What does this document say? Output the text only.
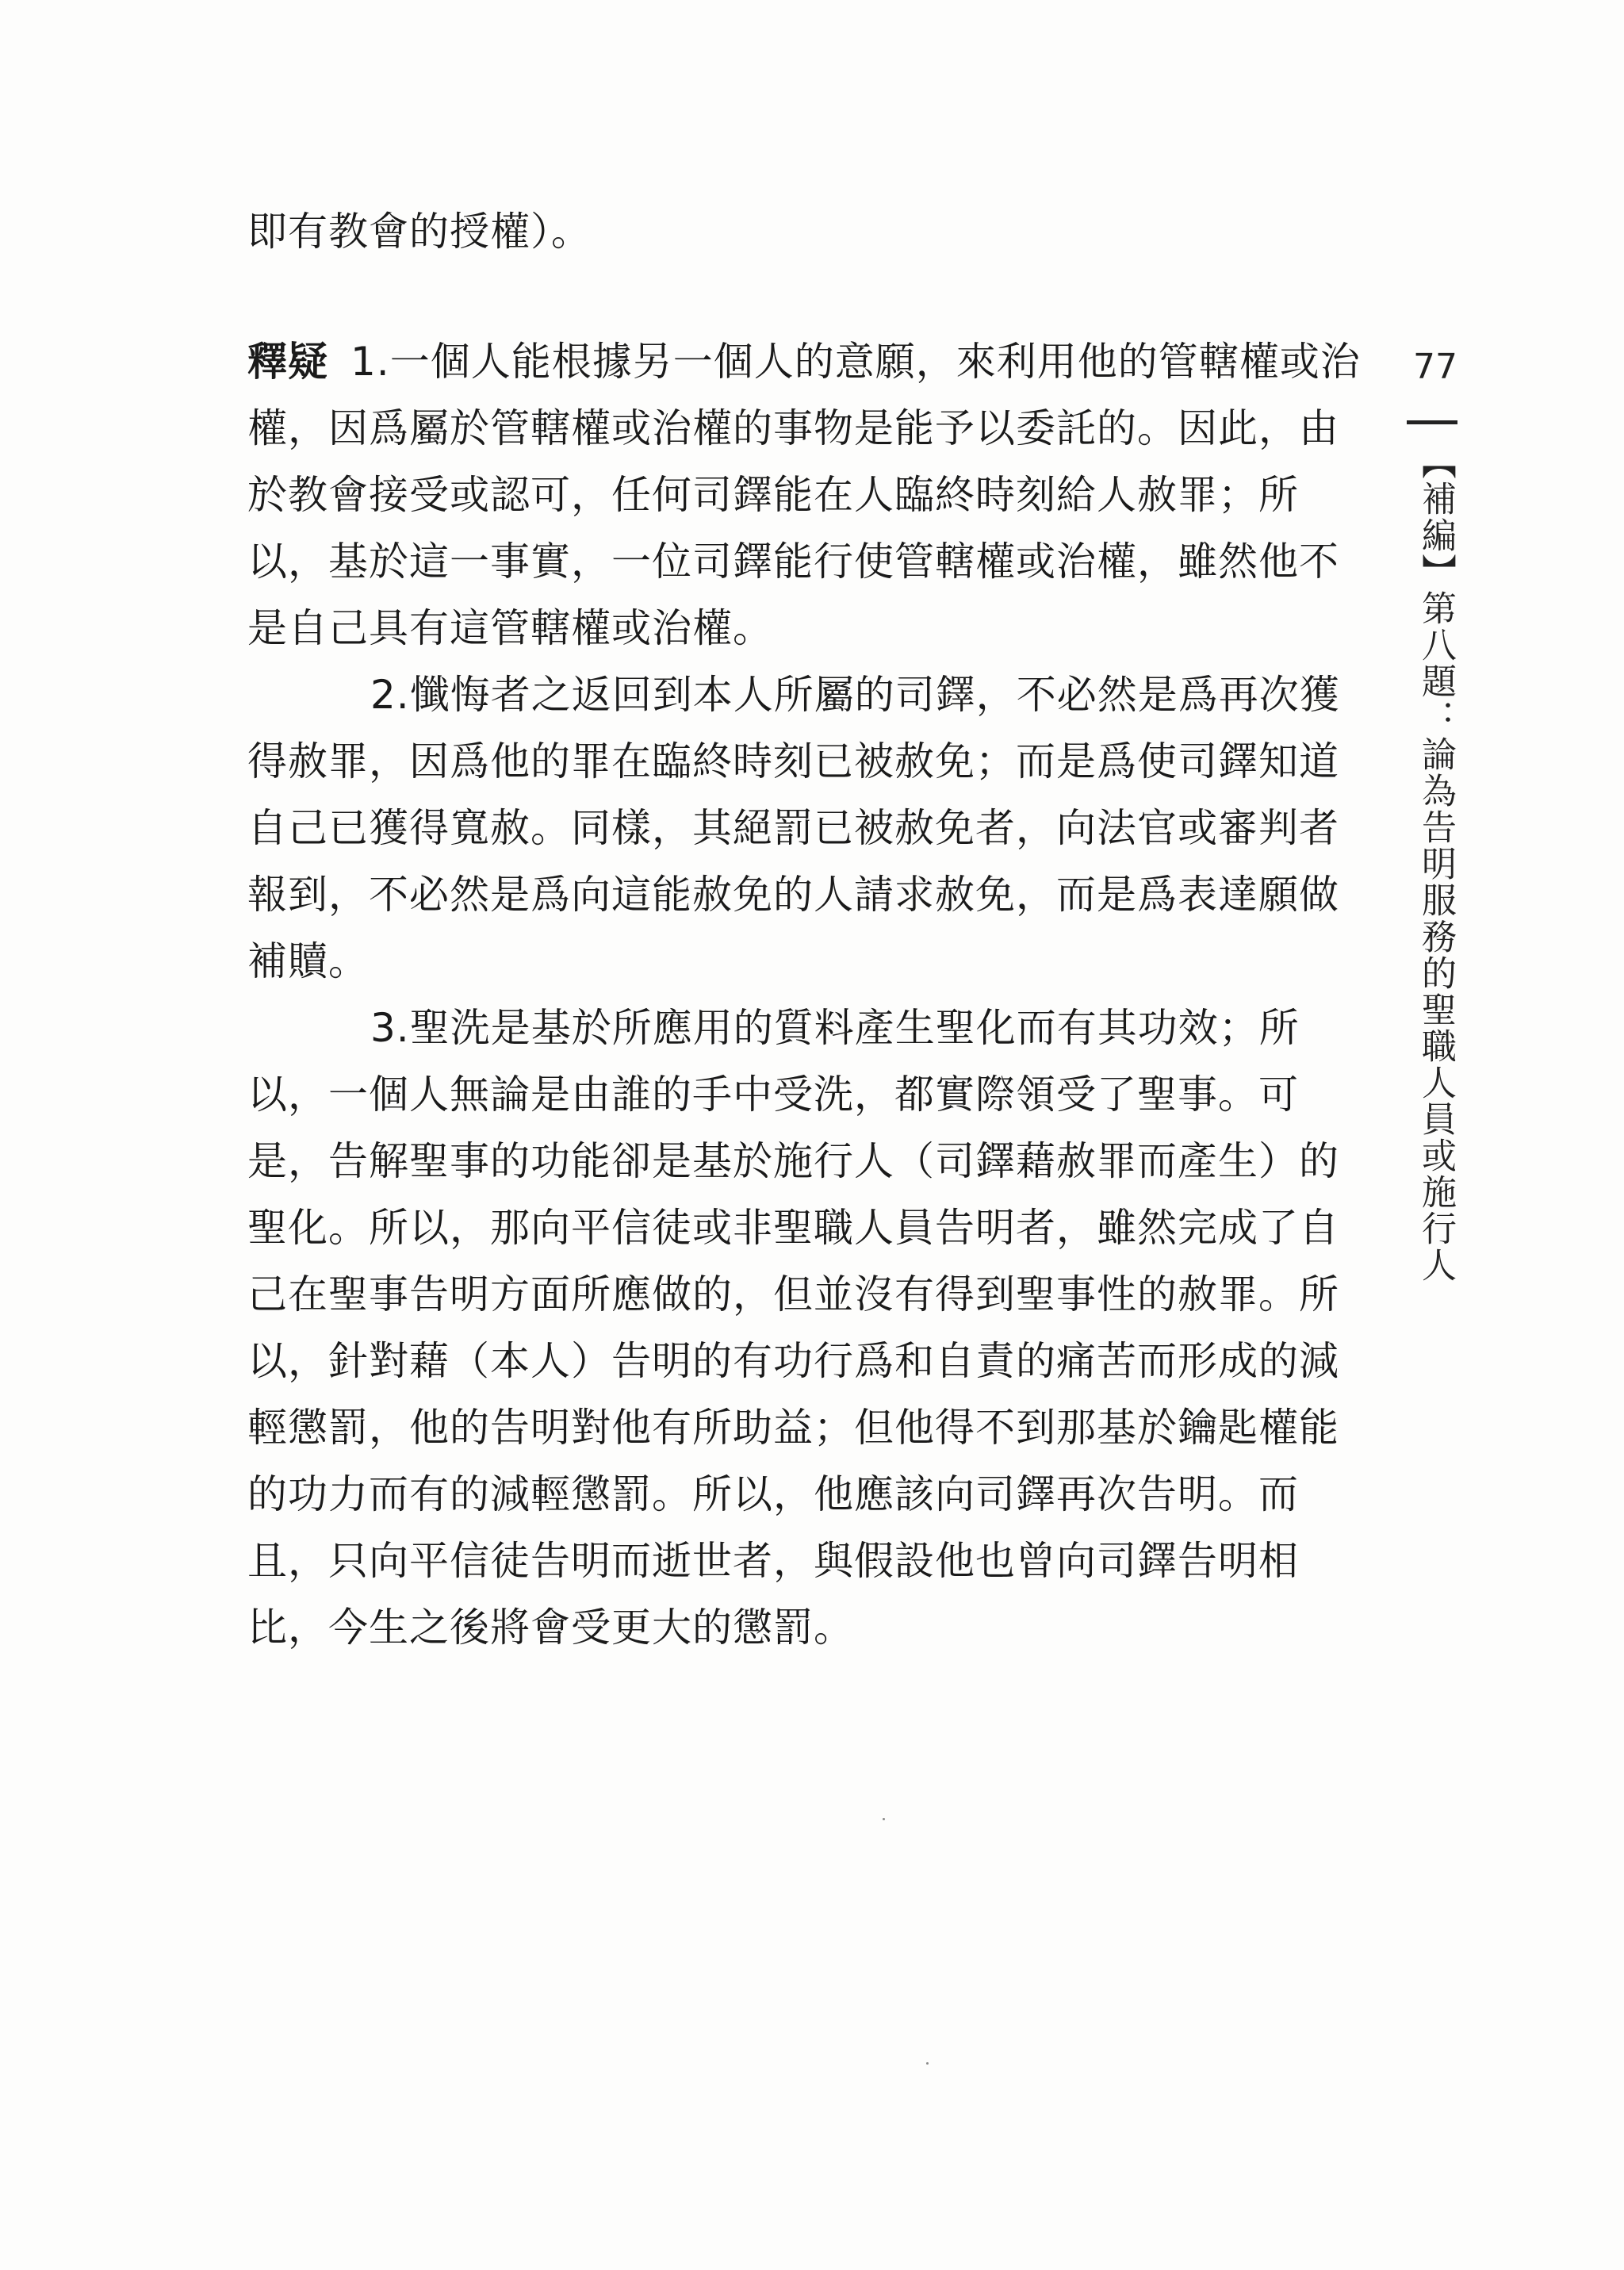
即有教會的授權）。

釋疑 1.一個人能根據另一個人的意願，來利用他的管轄權或治權，因爲屬於管轄權或治權的事物是能予以委託的。因此，由於教會接受或認可，任何司鐸能在人臨終時刻給人赦罪；所以，基於這一事實，一位司鐸能行使管轄權或治權，雖然他不是自己具有這管轄權或治權。

2.懺悔者之返回到本人所屬的司鐸，不必然是爲再次獲得赦罪，因爲他的罪在臨終時刻已被赦免；而是爲使司鐸知道自己已獲得寬赦。同樣，其絕罰已被赦免者，向法官或審判者報到，不必然是爲向這能赦免的人請求赦免，而是爲表達願做補贖。

3.聖洗是基於所應用的質料產生聖化而有其功效；所以，一個人無論是由誰的手中受洗，都實際領受了聖事。可是，告解聖事的功能卻是基於施行人（司鐸藉赦罪而產生）的聖化。所以，那向平信徒或非聖職人員告明者，雖然完成了自己在聖事告明方面所應做的，但並沒有得到聖事性的赦罪。所以，針對藉（本人）告明的有功行爲和自責的痛苦而形成的減輕懲罰，他的告明對他有所助益；但他得不到那基於鑰匙權能的功力而有的減輕懲罰。所以，他應該向司鐸再次告明。而且，只向平信徒告明而逝世者，與假設他也曾向司鐸告明相比，今生之後將會受更大的懲罰。

77
【補編】第八題：論為告明服務的聖職人員或施行人
